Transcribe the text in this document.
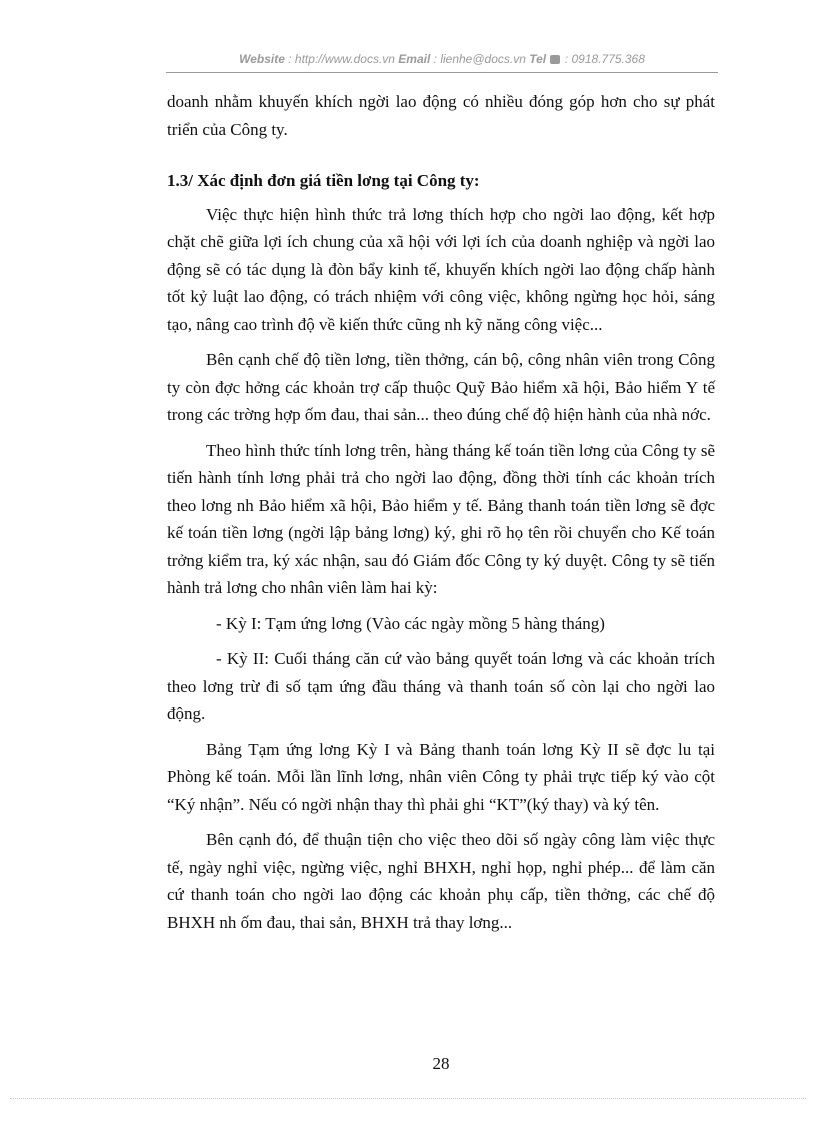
Website : http://www.docs.vn Email : lienhe@docs.vn Tel : 0918.775.368

doanh nhằm khuyến khích ngời lao động có nhiều đóng góp hơn cho sự phát triển của Công ty.

1.3/ Xác định đơn giá tiền lơng tại Công ty:

Việc thực hiện hình thức trả lơng thích hợp cho ngời lao động, kết hợp chặt chẽ giữa lợi ích chung của xã hội với lợi ích của doanh nghiệp và ngời lao động sẽ có tác dụng là đòn bẩy kinh tế, khuyến khích ngời lao động chấp hành tốt kỷ luật lao động, có trách nhiệm với công việc, không ngừng học hỏi, sáng tạo, nâng cao trình độ về kiến thức cũng nh kỹ năng công việc...

Bên cạnh chế độ tiền lơng, tiền thởng, cán bộ, công nhân viên trong Công ty còn đợc hởng các khoản trợ cấp thuộc Quỹ Bảo hiểm xã hội, Bảo hiểm Y tế trong các trờng hợp ốm đau, thai sản... theo đúng chế độ hiện hành của nhà nớc.

Theo hình thức tính lơng trên, hàng tháng kế toán tiền lơng của Công ty sẽ tiến hành tính lơng phải trả cho ngời lao động, đồng thời tính các khoản trích theo lơng nh Bảo hiểm xã hội, Bảo hiểm y tế. Bảng thanh toán tiền lơng sẽ đợc kế toán tiền lơng (ngời lập bảng lơng) ký, ghi rõ họ tên rồi chuyển cho Kế toán trởng kiểm tra, ký xác nhận, sau đó Giám đốc Công ty ký duyệt. Công ty sẽ tiến hành trả lơng cho nhân viên làm hai kỳ:

- Kỳ I: Tạm ứng lơng (Vào các ngày mồng 5 hàng tháng)

- Kỳ II: Cuối tháng căn cứ vào bảng quyết toán lơng và các khoản trích theo lơng trừ đi số tạm ứng đầu tháng và thanh toán số còn lại cho ngời lao động.

Bảng Tạm ứng lơng Kỳ I và Bảng thanh toán lơng Kỳ II sẽ đợc lu tại Phòng kế toán. Mỗi lần lĩnh lơng, nhân viên Công ty phải trực tiếp ký vào cột “Ký nhận”. Nếu có ngời nhận thay thì phải ghi “KT”(ký thay) và ký tên.

Bên cạnh đó, để thuận tiện cho việc theo dõi số ngày công làm việc thực tế, ngày nghỉ việc, ngừng việc, nghỉ BHXH, nghỉ họp, nghỉ phép... để làm căn cứ thanh toán cho ngời lao động các khoản phụ cấp, tiền thởng, các chế độ BHXH nh ốm đau, thai sản, BHXH trả thay lơng...

28
